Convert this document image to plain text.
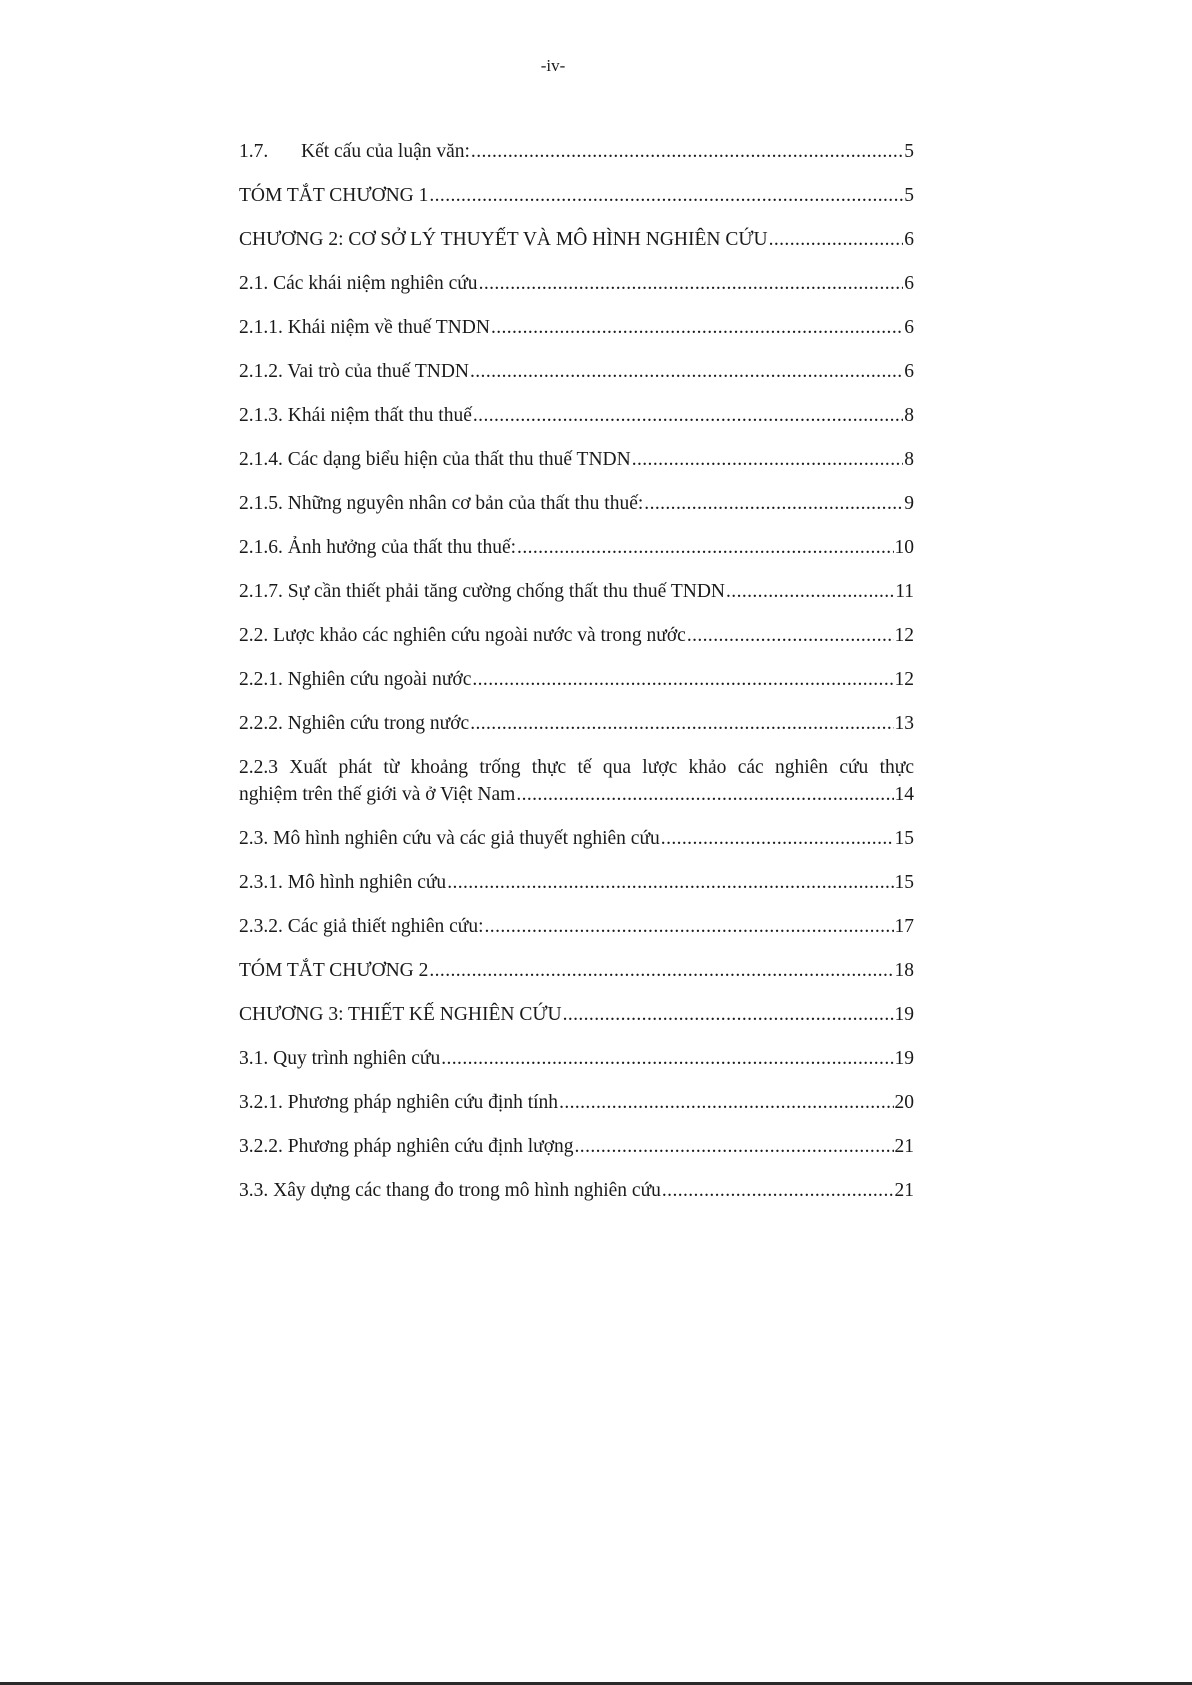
-iv-
1.7.	Kết cấu của luận văn: .....	5
TÓM TẮT CHƯƠNG 1 .....	5
CHƯƠNG 2: CƠ SỞ LÝ THUYẾT VÀ MÔ HÌNH NGHIÊN CỨU .....	6
2.1. Các khái niệm nghiên cứu .....	6
2.1.1. Khái niệm về thuế TNDN .....	6
2.1.2. Vai trò của thuế TNDN .....	6
2.1.3. Khái niệm thất thu thuế .....	8
2.1.4. Các dạng biểu hiện của thất thu thuế TNDN .....	8
2.1.5. Những nguyên nhân cơ bản của thất thu thuế: .....	9
2.1.6. Ảnh hưởng của thất thu thuế: .....	10
2.1.7. Sự cần thiết phải tăng cường chống thất thu thuế TNDN .....	11
2.2. Lược khảo các nghiên cứu ngoài nước và trong nước .....	12
2.2.1. Nghiên cứu ngoài nước .....	12
2.2.2. Nghiên cứu trong nước .....	13
2.2.3 Xuất phát từ khoảng trống thực tế qua lược khảo các nghiên cứu thực
nghiệm trên thế giới và ở Việt Nam .....	14
2.3. Mô hình nghiên cứu và các giả thuyết nghiên cứu .....	15
2.3.1. Mô hình nghiên cứu .....	15
2.3.2. Các giả thiết nghiên cứu: .....	17
TÓM TẮT CHƯƠNG 2 .....	18
CHƯƠNG 3: THIẾT KẾ NGHIÊN CỨU .....	19
3.1. Quy trình nghiên cứu .....	19
3.2.1. Phương pháp nghiên cứu định tính .....	20
3.2.2. Phương pháp nghiên cứu định lượng .....	21
3.3. Xây dựng các thang đo trong mô hình nghiên cứu .....	21
